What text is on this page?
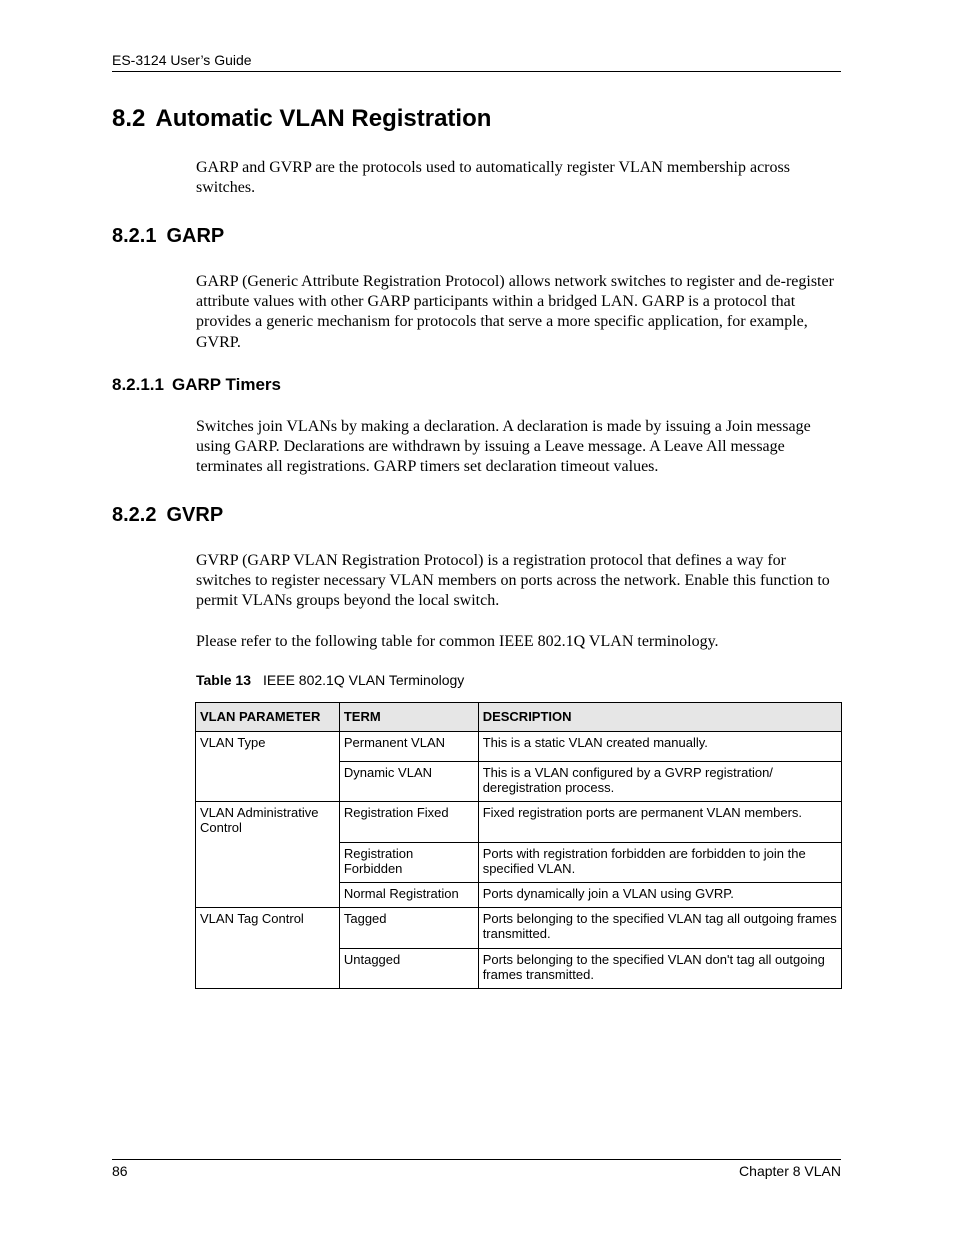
ES-3124 User’s Guide
8.2 Automatic VLAN Registration

GARP and GVRP are the protocols used to automatically register VLAN membership across switches.

8.2.1 GARP

GARP (Generic Attribute Registration Protocol) allows network switches to register and de-register attribute values with other GARP participants within a bridged LAN. GARP is a protocol that provides a generic mechanism for protocols that serve a more specific application, for example, GVRP.

8.2.1.1 GARP Timers

Switches join VLANs by making a declaration. A declaration is made by issuing a Join message using GARP. Declarations are withdrawn by issuing a Leave message. A Leave All message terminates all registrations. GARP timers set declaration timeout values.

8.2.2 GVRP

GVRP (GARP VLAN Registration Protocol) is a registration protocol that defines a way for switches to register necessary VLAN members on ports across the network. Enable this function to permit VLANs groups beyond the local switch.

Please refer to the following table for common IEEE 802.1Q VLAN terminology.

Table 13 IEEE 802.1Q VLAN Terminology
VLAN PARAMETER	TERM	DESCRIPTION
VLAN Type	Permanent VLAN	This is a static VLAN created manually.
	Dynamic VLAN	This is a VLAN configured by a GVRP registration/ deregistration process.
VLAN Administrative Control	Registration Fixed	Fixed registration ports are permanent VLAN members.
	Registration Forbidden	Ports with registration forbidden are forbidden to join the specified VLAN.
	Normal Registration	Ports dynamically join a VLAN using GVRP.
VLAN Tag Control	Tagged	Ports belonging to the specified VLAN tag all outgoing frames transmitted.
	Untagged	Ports belonging to the specified VLAN don't tag all outgoing frames transmitted.
86	Chapter 8 VLAN
